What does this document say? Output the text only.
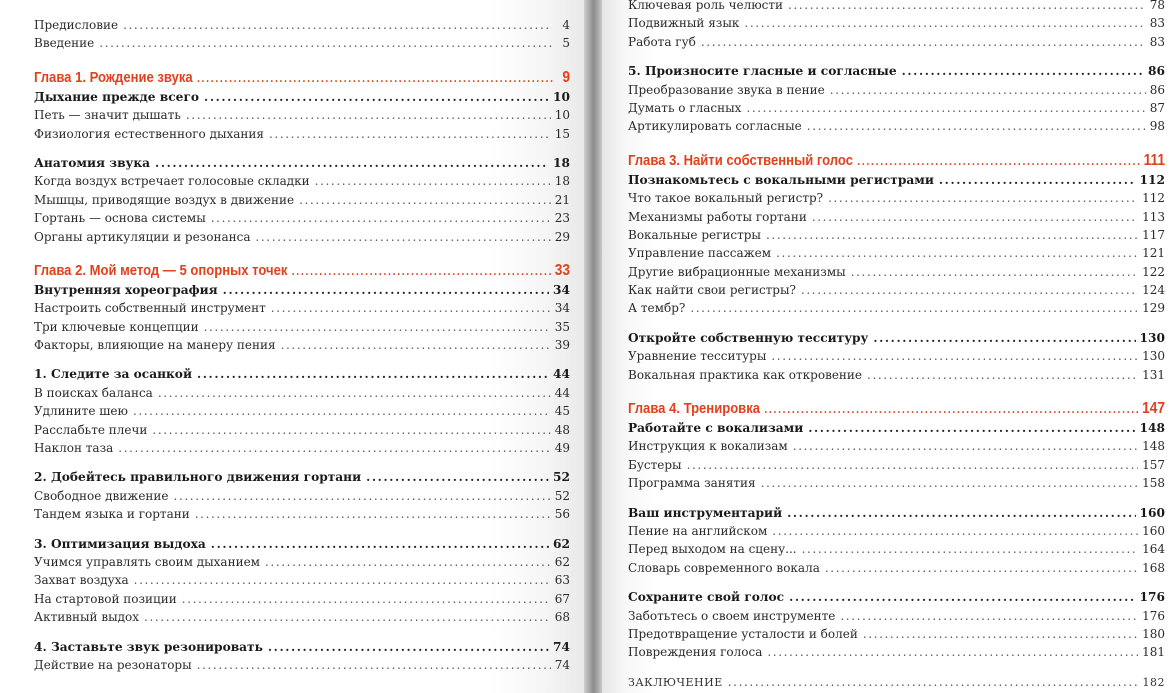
Предисловие .....	4
Введение .....	5
Глава 1. Рождение звука .....	9
Дыхание прежде всего .....	10
Петь — значит дышать .....	10
Физиология естественного дыхания .....	15
Анатомия звука .....	18
Когда воздух встречает голосовые складки .....	18
Мышцы, приводящие воздух в движение .....	21
Гортань — основа системы .....	23
Органы артикуляции и резонанса .....	29
Глава 2. Мой метод — 5 опорных точек .....	33
Внутренняя хореография .....	34
Настроить собственный инструмент .....	34
Три ключевые концепции .....	35
Факторы, влияющие на манеру пения .....	39
1. Следите за осанкой .....	44
В поисках баланса .....	44
Удлините шею .....	45
Расслабьте плечи .....	48
Наклон таза .....	49
2. Добейтесь правильного движения гортани .....	52
Свободное движение .....	52
Тандем языка и гортани .....	56
3. Оптимизация выдоха .....	62
Учимся управлять своим дыханием .....	62
Захват воздуха .....	63
На стартовой позиции .....	67
Активный выдох .....	68
4. Заставьте звук резонировать .....	74
Действие на резонаторы .....	74
Ключевая роль челюсти .....	78
Подвижный язык .....	83
Работа губ .....	83
5. Произносите гласные и согласные .....	86
Преобразование звука в пение .....	86
Думать о гласных .....	87
Артикулировать согласные .....	98
Глава 3. Найти собственный голос .....	111
Познакомьтесь с вокальными регистрами .....	112
Что такое вокальный регистр? .....	112
Механизмы работы гортани .....	113
Вокальные регистры .....	117
Управление пассажем .....	121
Другие вибрационные механизмы .....	122
Как найти свои регистры? .....	124
А тембр? .....	129
Откройте собственную тесситуру .....	130
Уравнение тесситуры .....	130
Вокальная практика как откровение .....	131
Глава 4. Тренировка .....	147
Работайте с вокализами .....	148
Инструкция к вокализам .....	148
Бустеры .....	157
Программа занятия .....	158
Ваш инструментарий .....	160
Пение на английском .....	160
Перед выходом на сцену... .....	164
Словарь современного вокала .....	168
Сохраните свой голос .....	176
Заботьтесь о своем инструменте .....	176
Предотвращение усталости и болей .....	180
Повреждения голоса .....	181
ЗАКЛЮЧЕНИЕ .....	182
